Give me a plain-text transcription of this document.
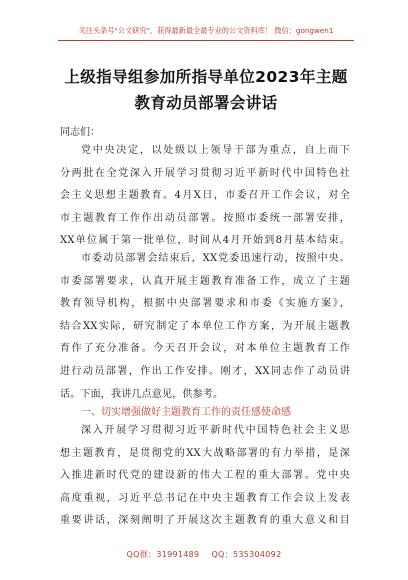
关注头条号"公文研究"，获得最新最全最专业的公文资料库！ 微信：gongwen1
上级指导组参加所指导单位2023年主题
教育动员部署会讲话
同志们：
党中央决定，以处级以上领导干部为重点，自上而下
分两批在全党深入开展学习贯彻习近平新时代中国特色社
会主义思想主题教育。4月X日，市委召开工作会议，对全
市主题教育工作作出动员部署。按照市委统一部署安排，
XX单位属于第一批单位，时间从4月开始到8月基本结束。
市委动员部署会结束后，XX党委迅速行动，按照中央、
市委部署要求，认真开展主题教育准备工作，成立了主题
教育领导机构，根据中央部署要求和市委《实施方案》，
结合XX实际，研究制定了本单位工作方案，为开展主题教
育作了充分准备。今天召开会议，对本单位主题教育工作
进行动员部署，作出工作安排。刚才，XX同志作了动员讲
话。下面，我讲几点意见，供参考。
一、切实增强做好主题教育工作的责任感使命感
深入开展学习贯彻习近平新时代中国特色社会主义思
想主题教育，是贯彻党的XX大战略部署的有力举措，是深
入推进新时代党的建设新的伟大工程的重大部署。党中央
高度重视，习近平总书记在中央主题教育工作会议上发表
重要讲话，深刻阐明了开展这次主题教育的重大意义和目
QQ群：31991489 QQ：535304092
